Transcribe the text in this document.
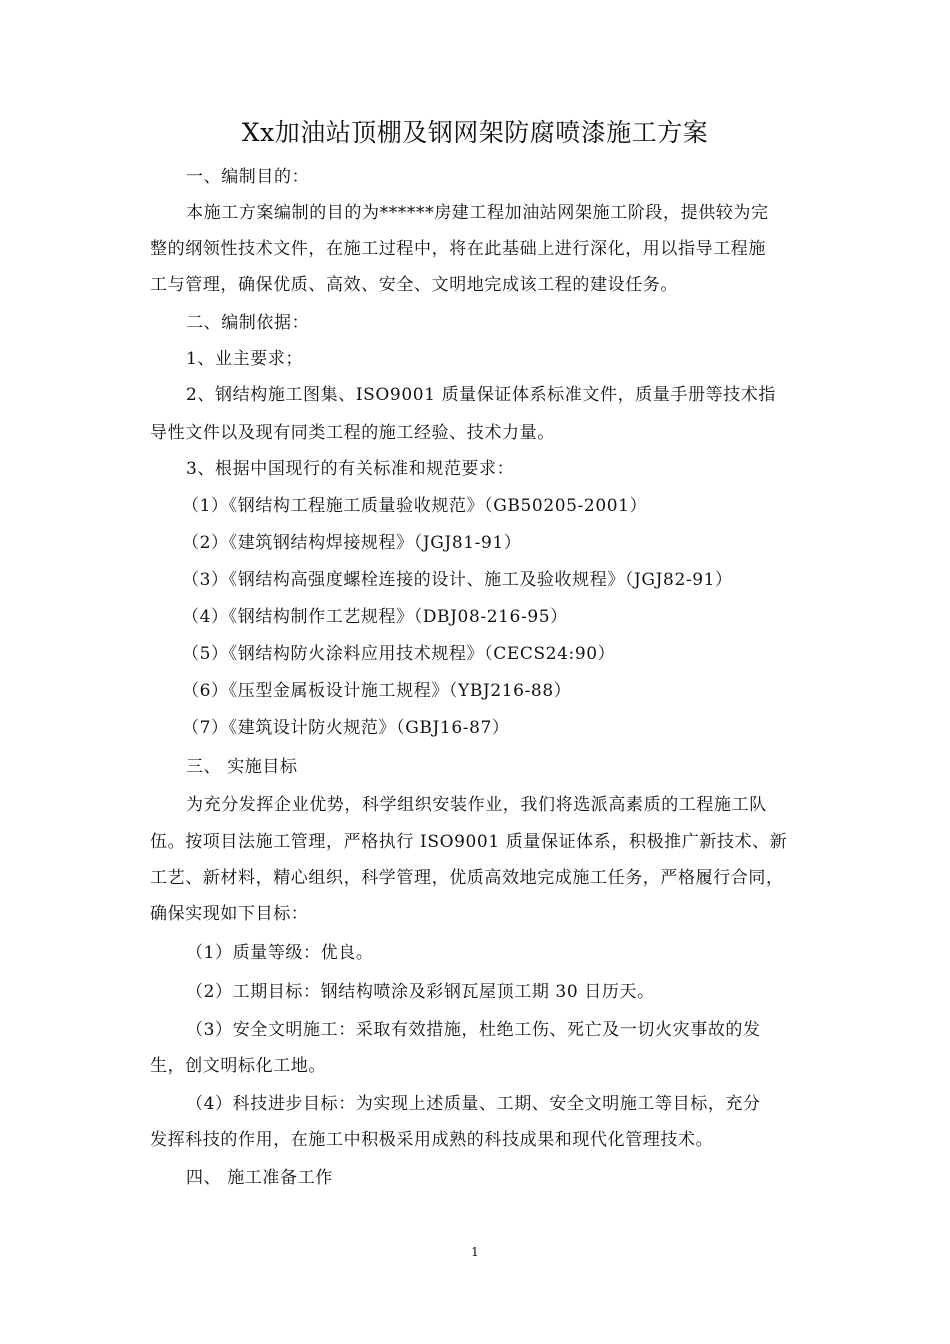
Xx加油站顶棚及钢网架防腐喷漆施工方案
一、编制目的：
本施工方案编制的目的为******房建工程加油站网架施工阶段，提供较为完
整的纲领性技术文件，在施工过程中，将在此基础上进行深化，用以指导工程施
工与管理，确保优质、高效、安全、文明地完成该工程的建设任务。
二、编制依据：
1、业主要求；
2、钢结构施工图集、ISO9001 质量保证体系标准文件，质量手册等技术指
导性文件以及现有同类工程的施工经验、技术力量。
3、根据中国现行的有关标准和规范要求：
（1）《钢结构工程施工质量验收规范》（GB50205-2001）
（2）《建筑钢结构焊接规程》（JGJ81-91）
（3）《钢结构高强度螺栓连接的设计、施工及验收规程》（JGJ82-91）
（4）《钢结构制作工艺规程》（DBJ08-216-95）
（5）《钢结构防火涂料应用技术规程》（CECS24:90）
（6）《压型金属板设计施工规程》（YBJ216-88）
（7）《建筑设计防火规范》（GBJ16-87）
三、 实施目标
为充分发挥企业优势，科学组织安装作业，我们将选派高素质的工程施工队
伍。按项目法施工管理，严格执行 ISO9001 质量保证体系，积极推广新技术、新
工艺、新材料，精心组织，科学管理，优质高效地完成施工任务，严格履行合同，
确保实现如下目标：
（1）质量等级：优良。
（2）工期目标：钢结构喷涂及彩钢瓦屋顶工期 30 日历天。
（3）安全文明施工：采取有效措施，杜绝工伤、死亡及一切火灾事故的发
生，创文明标化工地。
（4）科技进步目标：为实现上述质量、工期、安全文明施工等目标，充分
发挥科技的作用，在施工中积极采用成熟的科技成果和现代化管理技术。
四、 施工准备工作
1
